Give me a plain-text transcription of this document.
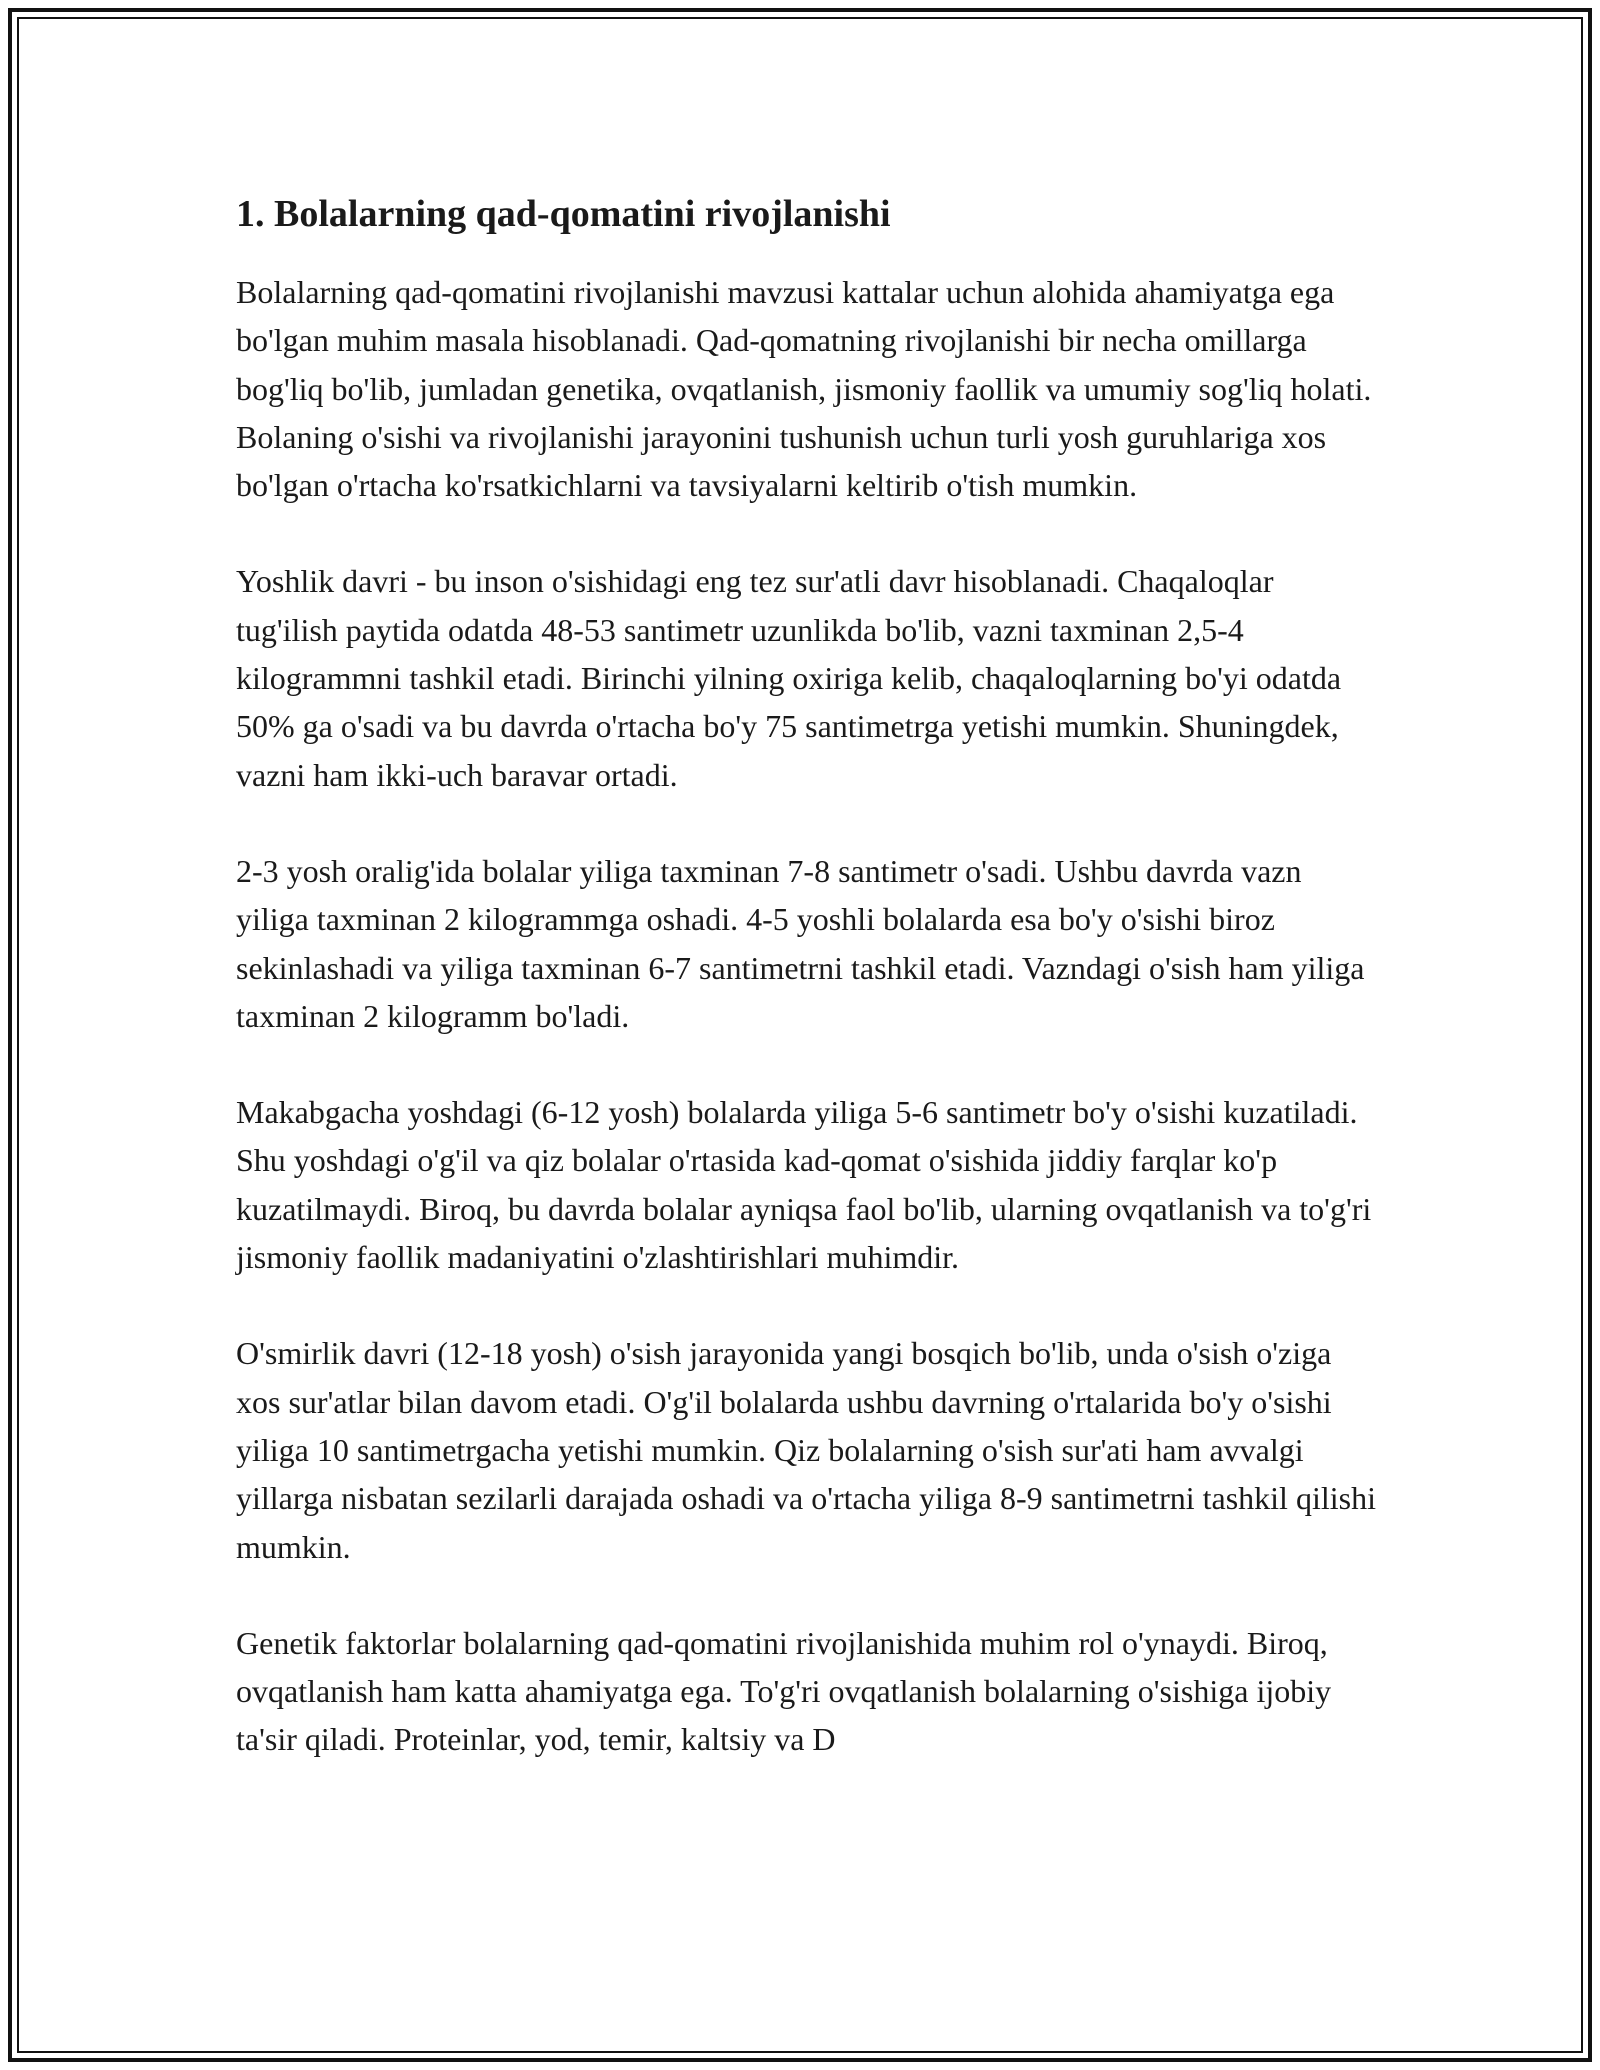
1. Bolalarning qad-qomatini rivojlanishi

Bolalarning qad-qomatini rivojlanishi mavzusi kattalar uchun alohida ahamiyatga ega bo'lgan muhim masala hisoblanadi. Qad-qomatning rivojlanishi bir necha omillarga bog'liq bo'lib, jumladan genetika, ovqatlanish, jismoniy faollik va umumiy sog'liq holati. Bolaning o'sishi va rivojlanishi jarayonini tushunish uchun turli yosh guruhlariga xos bo'lgan o'rtacha ko'rsatkichlarni va tavsiyalarni keltirib o'tish mumkin.

Yoshlik davri - bu inson o'sishidagi eng tez sur'atli davr hisoblanadi. Chaqaloqlar tug'ilish paytida odatda 48-53 santimetr uzunlikda bo'lib, vazni taxminan 2,5-4 kilogrammni tashkil etadi. Birinchi yilning oxiriga kelib, chaqaloqlarning bo'yi odatda 50% ga o'sadi va bu davrda o'rtacha bo'y 75 santimetrga yetishi mumkin. Shuningdek, vazni ham ikki-uch baravar ortadi.

2-3 yosh oralig'ida bolalar yiliga taxminan 7-8 santimetr o'sadi. Ushbu davrda vazn yiliga taxminan 2 kilogrammga oshadi. 4-5 yoshli bolalarda esa bo'y o'sishi biroz sekinlashadi va yiliga taxminan 6-7 santimetrni tashkil etadi. Vazndagi o'sish ham yiliga taxminan 2 kilogramm bo'ladi.

Makabgacha yoshdagi (6-12 yosh) bolalarda yiliga 5-6 santimetr bo'y o'sishi kuzatiladi. Shu yoshdagi o'g'il va qiz bolalar o'rtasida kad-qomat o'sishida jiddiy farqlar ko'p kuzatilmaydi. Biroq, bu davrda bolalar ayniqsa faol bo'lib, ularning ovqatlanish va to'g'ri jismoniy faollik madaniyatini o'zlashtirishlari muhimdir.

O'smirlik davri (12-18 yosh) o'sish jarayonida yangi bosqich bo'lib, unda o'sish o'ziga xos sur'atlar bilan davom etadi. O'g'il bolalarda ushbu davrning o'rtalarida bo'y o'sishi yiliga 10 santimetrgacha yetishi mumkin. Qiz bolalarning o'sish sur'ati ham avvalgi yillarga nisbatan sezilarli darajada oshadi va o'rtacha yiliga 8-9 santimetrni tashkil qilishi mumkin.

Genetik faktorlar bolalarning qad-qomatini rivojlanishida muhim rol o'ynaydi. Biroq, ovqatlanish ham katta ahamiyatga ega. To'g'ri ovqatlanish bolalarning o'sishiga ijobiy ta'sir qiladi. Proteinlar, yod, temir, kaltsiy va D
